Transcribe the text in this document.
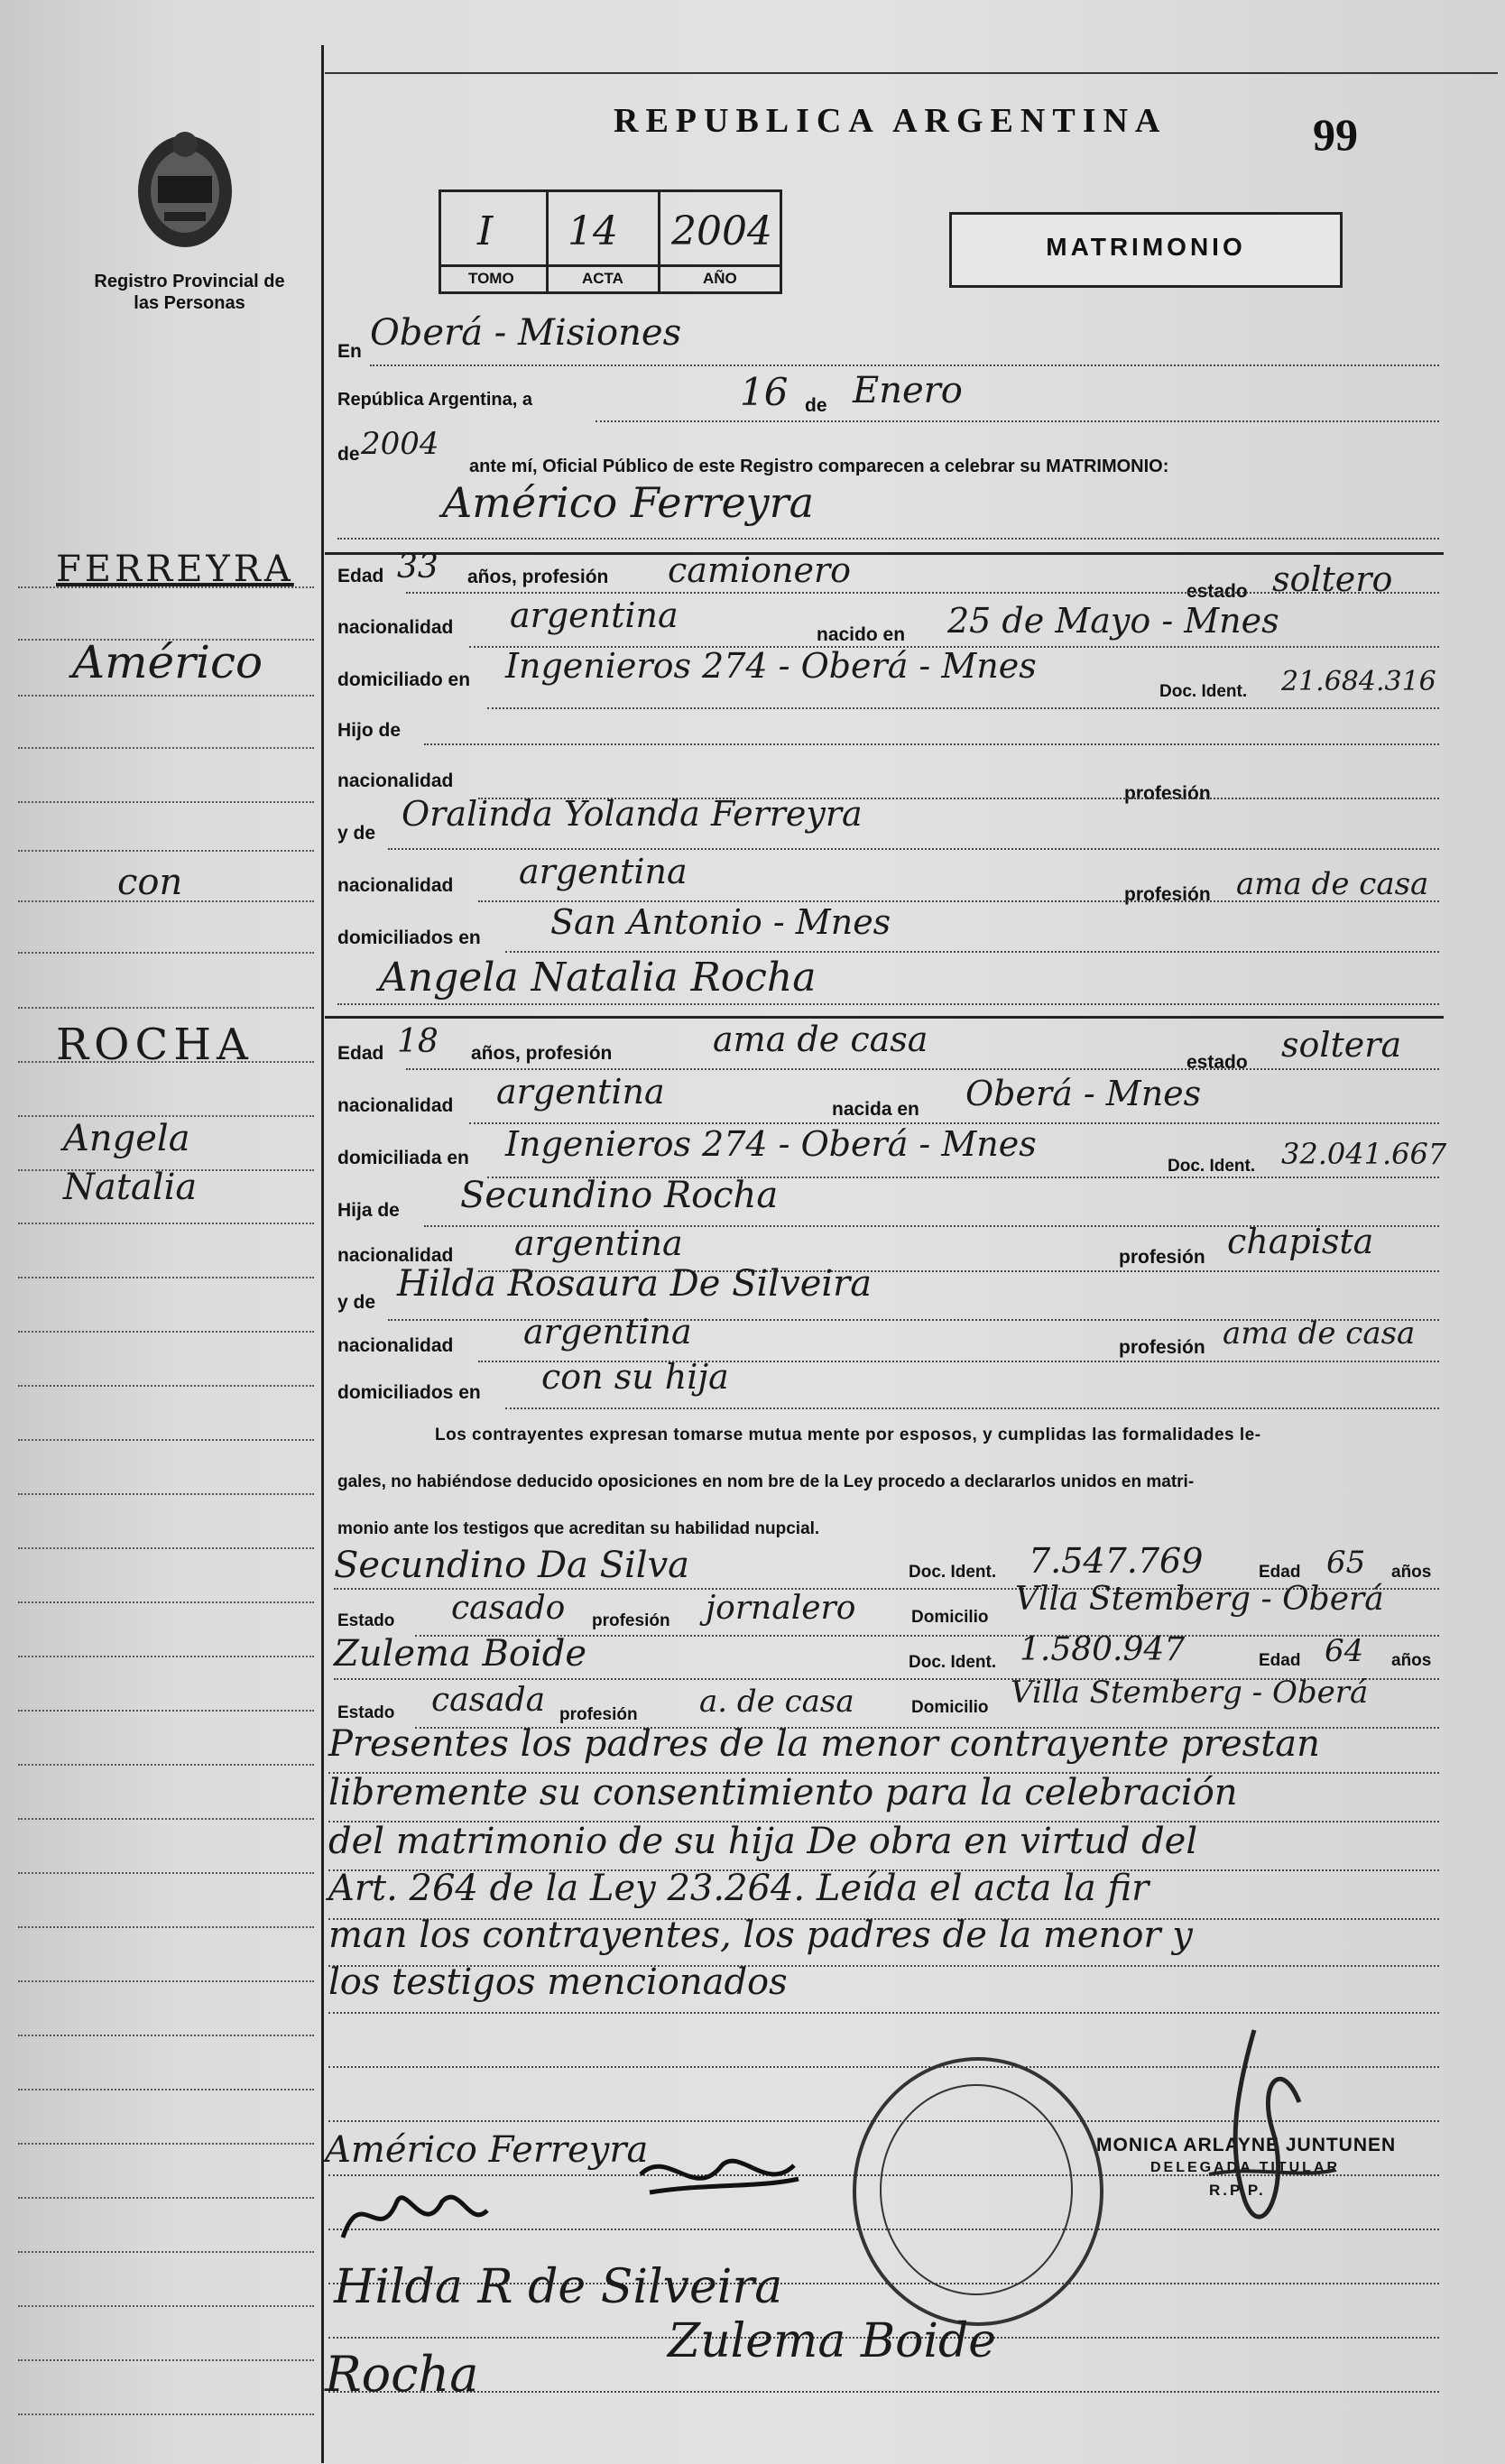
Registro Provincial de las Personas
REPUBLICA ARGENTINA	99
I 14 2004
TOMO	ACTA	AÑO
MATRIMONIO
FERREYRA
Américo
con
ROCHA
Angela Natalia
En Oberá - Misiones
República Argentina, a	16 de Enero
de 2004
ante mí, Oficial Público de este Registro comparecen a celebrar su MATRIMONIO:
Américo Ferreyra
Edad 33 años, profesión camionero
estado soltero
nacionalidad argentina	nacido en 25 de Mayo - Mnes
domiciliado en Ingenieros 274 - Oberá - Mnes
Doc. Ident. 21.684.316
Hijo de
nacionalidad
profesión
y de Oralinda Yolanda Ferreyra
nacionalidad argentina
profesión ama de casa
domiciliados en San Antonio - Mnes
Angela Natalia Rocha
Edad 18 años, profesión	ama de casa
estado soltera
nacionalidad argentina	nacida en Oberá - Mnes
domiciliada en Ingenieros 274 - Oberá - Mnes
Doc. Ident. 32.041.667
Hija de Secundino Rocha
nacionalidad argentina	profesión chapista
y de Hilda Rosaura De Silveira
nacionalidad argentina	profesión ama de casa
domiciliados en con su hija
Los contrayentes expresan tomarse mutua mente por esposos, y cumplidas las formalidades le-
gales, no habiéndose deducido oposiciones en nom bre de la Ley procedo a declararlos unidos en matri-
monio ante los testigos que acreditan su habilidad nupcial.
Secundino Da Silva	Doc. Ident. 7.547.769	Edad 65 años
Estado casado profesión jornalero	Domicilio Vlla Stemberg - Oberá
Zulema Boide	Doc. Ident. 1.580.947	Edad 64 años
Estado casada profesión a. de casa	Domicilio Villa Stemberg - Oberá
Presentes los padres de la menor contrayente prestan
libremente su consentimiento para la celebración
del matrimonio de su hija De obra en virtud del
Art. 264 de la Ley 23.264. Leída el acta la fir
man los contrayentes, los padres de la menor y
los testigos mencionados
MONICA ARLAYNE JUNTUNEN
DELEGADA TITULAR
R.P.P.
Américo Ferreyra
Hilda R de Silveira
Rocha
Zulema Boide
